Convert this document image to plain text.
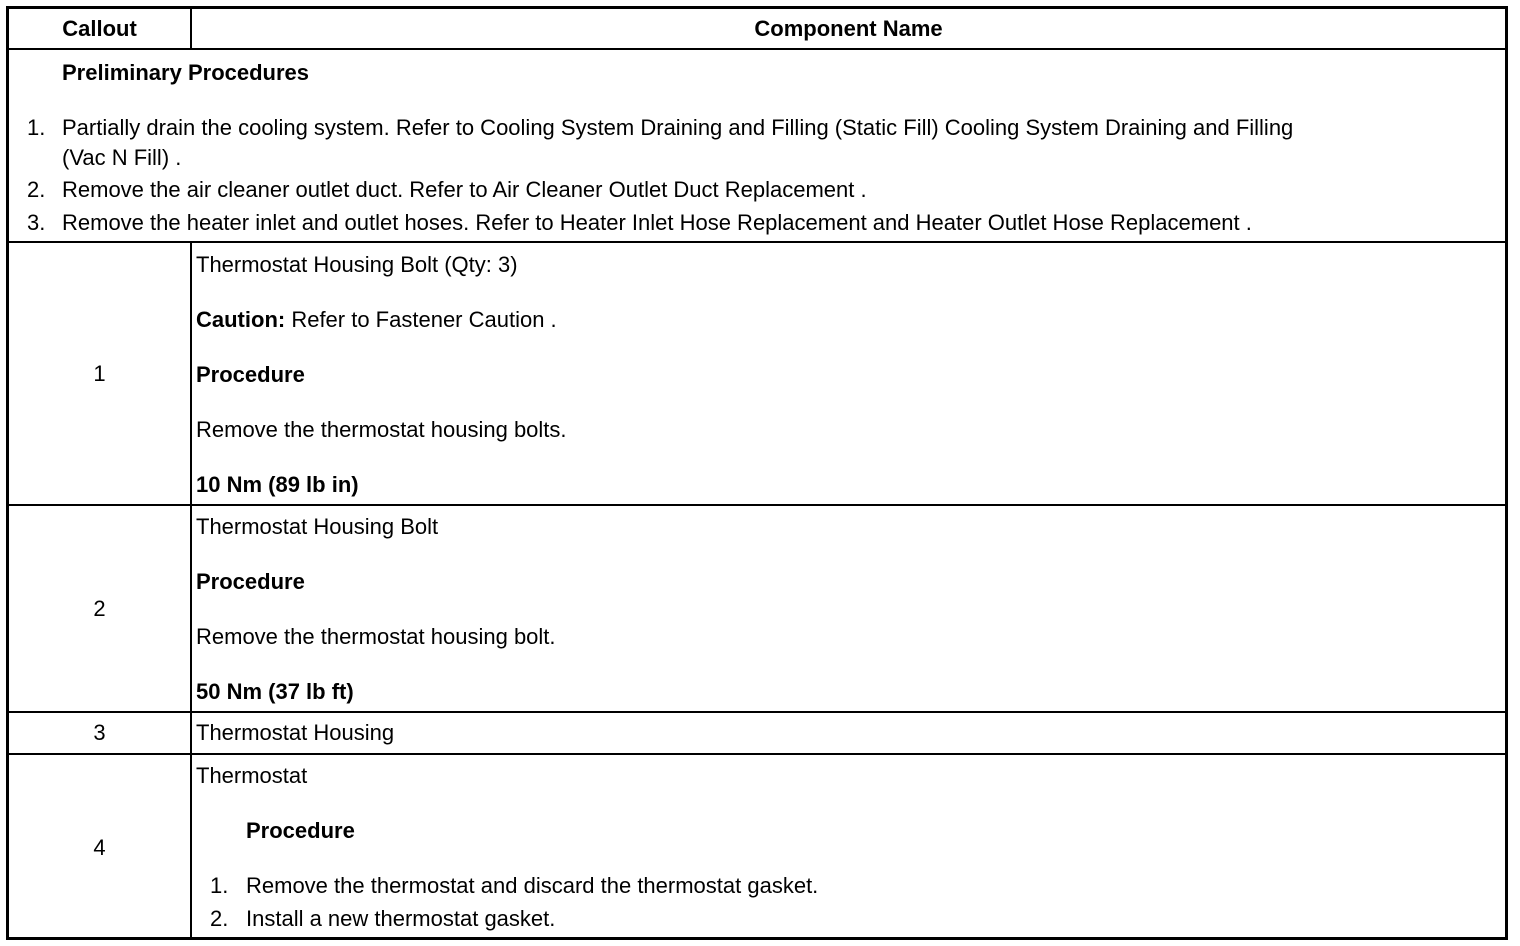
Callout	Component Name
Preliminary Procedures
1. Partially drain the cooling system. Refer to Cooling System Draining and Filling (Static Fill) Cooling System Draining and Filling
(Vac N Fill) .
2. Remove the air cleaner outlet duct. Refer to Air Cleaner Outlet Duct Replacement .
3. Remove the heater inlet and outlet hoses. Refer to Heater Inlet Hose Replacement and Heater Outlet Hose Replacement .
1
Thermostat Housing Bolt (Qty: 3)
Caution: Refer to Fastener Caution .
Procedure
Remove the thermostat housing bolts.
10 Nm (89 lb in)
2
Thermostat Housing Bolt
Procedure
Remove the thermostat housing bolt.
50 Nm (37 lb ft)
3	Thermostat Housing
4
Thermostat
Procedure
1. Remove the thermostat and discard the thermostat gasket.
2. Install a new thermostat gasket.
